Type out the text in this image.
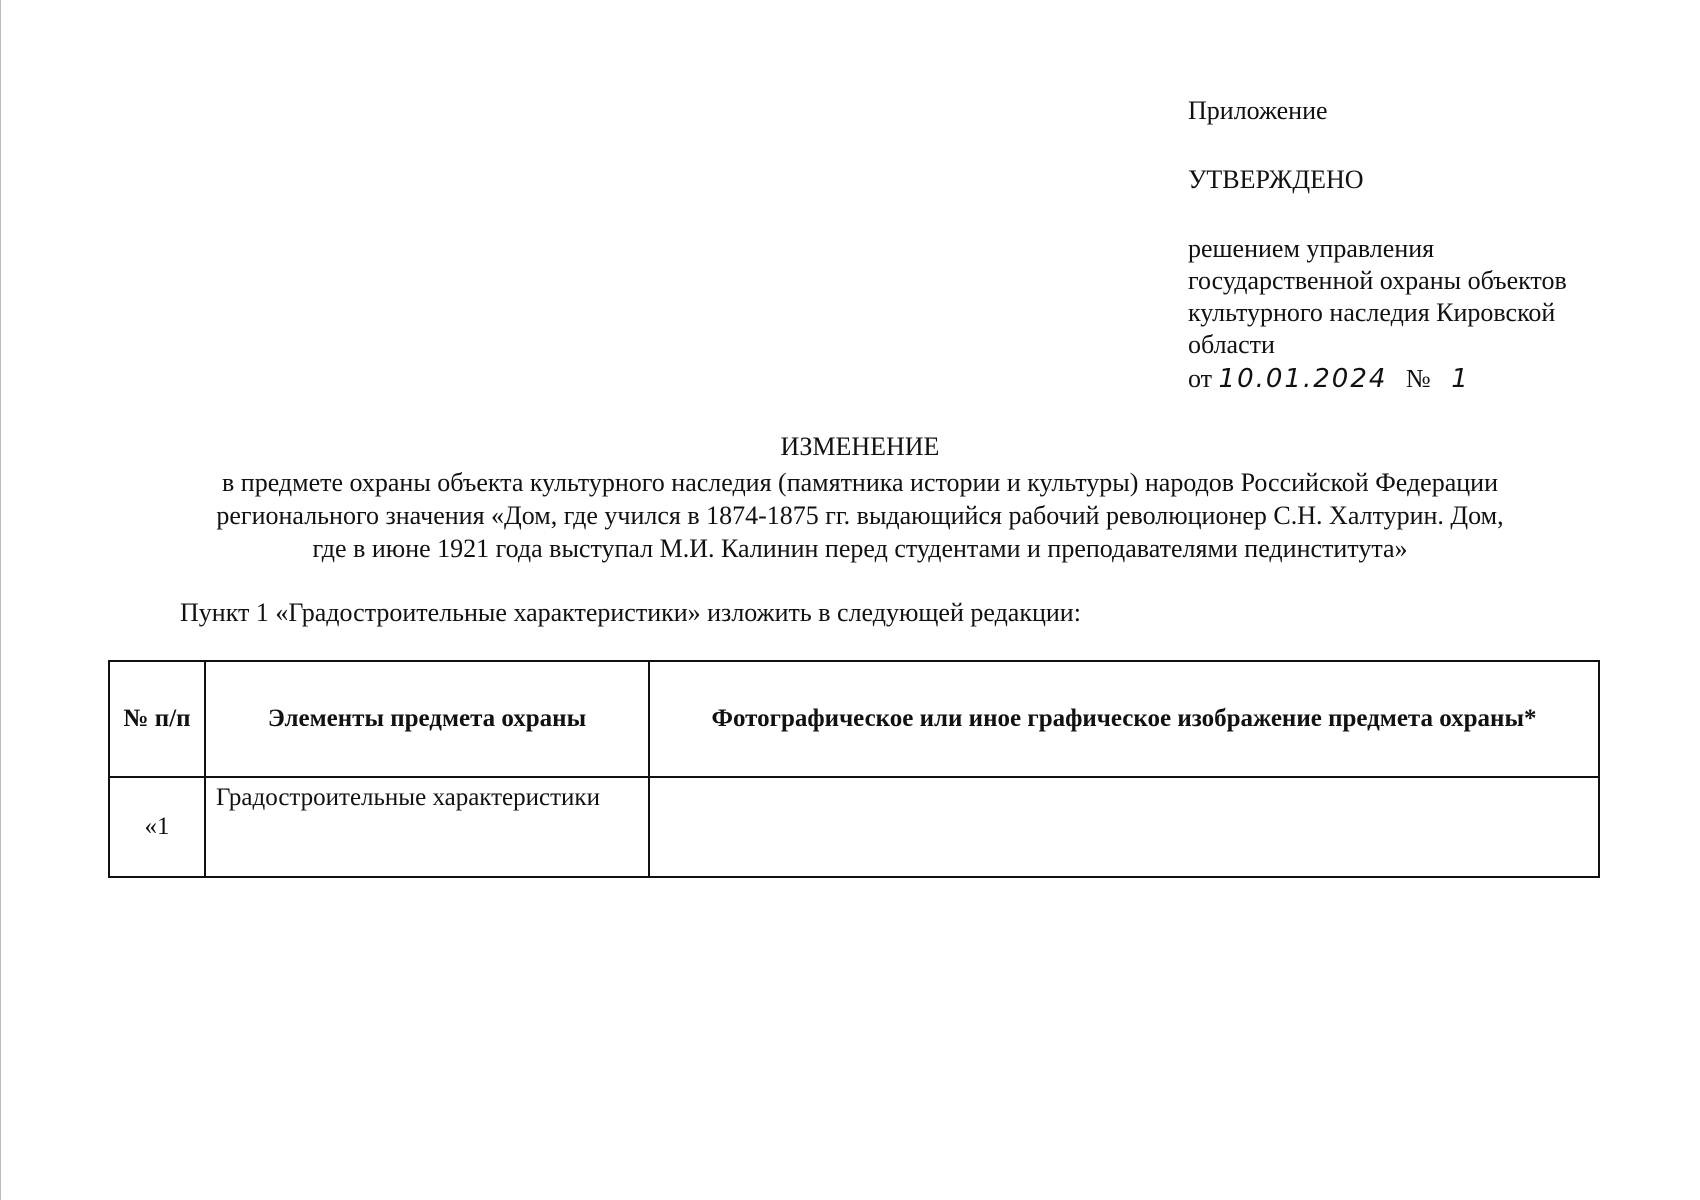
Приложение
УТВЕРЖДЕНО
решением управления
государственной охраны объектов
культурного наследия Кировской
области
от 10.01.2024 № 1
ИЗМЕНЕНИЕ
в предмете охраны объекта культурного наследия (памятника истории и культуры) народов Российской Федерации
регионального значения «Дом, где учился в 1874-1875 гг. выдающийся рабочий революционер С.Н. Халтурин. Дом,
где в июне 1921 года выступал М.И. Калинин перед студентами и преподавателями пединститута»
Пункт 1 «Градостроительные характеристики» изложить в следующей редакции:
№ п/п	Элементы предмета охраны	Фотографическое или иное графическое изображение предмета охраны*
«1	Градостроительные характеристики	
